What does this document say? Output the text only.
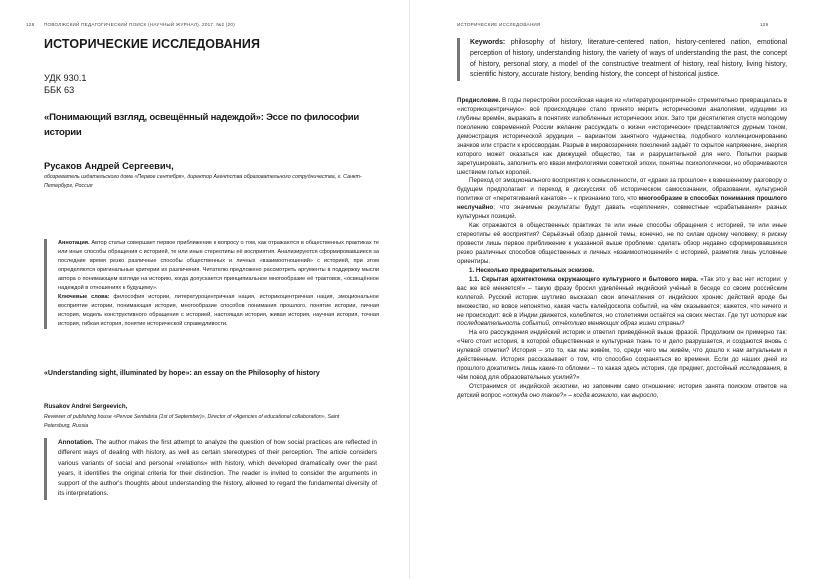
128 ПОВОЛЖСКИЙ ПЕДАГОГИЧЕСКИЙ ПОИСК (НАУЧНЫЙ ЖУРНАЛ). 2017. №2 (20)
ИСТОРИЧЕСКИЕ ИССЛЕДОВАНИЯ
УДК 930.1
ББК 63
«Понимающий взгляд, освещённый надеждой»: Эссе по философии истории
Русаков Андрей Сергеевич,
обозреватель издательского дома «Первое сентября», директор Агентства образовательного сотрудничества, г. Санкт-Петербург, Россия
Аннотация. Автор статьи совершает первое приближение к вопросу о том, как отражаются в общественных практиках те или иные способы обращения с историей, те или иные стереотипы её восприятия. Анализируются сформировавшиеся за последние время резко различные способы общественных и личных «взаимоотношений» с историей, при этом определяются оригинальные критерии их различения. Читателю предложено рассмотреть аргументы в поддержку мысли автора о понимающем взгляде на историю, когда допускается принципиальное многообразие её трактовок, «освещённое надеждой в отношениях к будущему».
Ключевые слова: философия истории, литературоцентричная нация, историкоцентричная нация, эмоциональное восприятие истории, понимающая история, многообразие способов понимания прошлого, понятие истории, личная история, модель конструктивного обращения с историей, настоящая история, живая история, научная история, точная история, гибкая история, понятие исторической справедливости.
«Understanding sight, illuminated by hope»: an essay on the Philosophy of history
Rusakov Andrei Sergeevich,
Reviewer of publishing house «Pervoe Sentiabria (1st of September)», Director of «Agencies of educational collaboration», Saint Petersburg, Russia
Annotation. The author makes the first attempt to analyze the question of how social practices are reflected in different ways of dealing with history, as well as certain stereotypes of their perception. The article considers various variants of social and personal «relations» with history, which developed dramatically over the past years, it identifies the original criteria for their distinction. The reader is invited to consider the arguments in support of the author's thoughts about understanding the history, allowed to regard the fundamental diversity of its interpretations.
ИСТОРИЧЕСКИЕ ИССЛЕДОВАНИЯ	129
Keywords: philosophy of history, literature-centered nation, history-centered nation, emotional perception of history, understanding history, the variety of ways of understanding the past, the concept of history, personal story, a model of the constructive treatment of history, real history, living history, scientific history, accurate history, bending history, the concept of historical justice.

Предисловие. В годы перестройки российская нация из «литературоцентричной» стремительно превращалась в «историкоцентричную»: всё происходящее стало принято мерить историческими аналогиями, идущими из глубины времён, выражать в понятиях излюбленных исторических эпох. Зато три десятилетия спустя молодому поколению современной России желание рассуждать о жизни «исторически» представляется дурным тоном, демонстрация исторической эрудиции – вариантом занятного чудачества, подобного коллекционированию значков или страсти к кроссвордам. Разрыв в мировоззрениях поколений задаёт то скрытое напряжение, энергия которого может оказаться как движущей общество, так и разрушительной для него. Попытки разрыв заретушировать, заполнить его квази мифологиями советской эпохи, понятны психологически, но оборачиваются шествием голых королей.

Переход от эмоционального восприятия к осмысленности, от «драки за прошлое» к взвешенному разговору о будущем предполагает и переход в дискуссиях об историческом самосознании, образовании, культурной политике от «перетягиваний канатов» – к признанию того, что многообразие в способах понимания прошлого неслучайно; что значимые результаты будут давать «сцепления», совместные «срабатывания» разных культурных позиций.

Как отражаются в общественных практиках те или иные способы обращения с историей, те или иные стереотипы её восприятия? Серьёзный обзор данной темы, конечно, не по силам одному человеку; я рискну провести лишь первое приближение к указанной выше проблеме: сделать обзор недавно сформировавшихся резко различных способов общественных и личных «взаимоотношений» с историей, разметив лишь условные ориентиры.

1. Несколько предварительных эскизов.

1.1. Скрытая архитектоника окружающего культурного и бытового мира. «Так это у вас нет истории: у вас же всё меняется!» – такую фразу бросил удивлённый индийский учёный в беседе со своим российским коллегой. Русский историк шутливо высказал свои впечатления от индийских хроник: действий вроде бы множество, но вовсе непонятно, какая часть калейдоскопа событий, на чём сказывается; кажется, что ничего и не происходит: всё в Индии движется, колеблется, но столетиями остаётся на своих местах. Где тут история как последовательность событий, отчётливо меняющих образ жизни страны?

На его рассуждения индийский историк и ответил приведённой выше фразой. Продолжим он примерно так: «Чего стоит история, в которой общественная и культурная ткань то и дело разрушается, и создаются вновь с нулевой отметки? История – это то, как мы живём, то, среди чего мы живём, что дошло к нам актуальным и действенным. История рассказывает о том, что способно сохраняться во времени. Если до наших дней из прошлого докатились лишь какие-то обломки – то какая здесь история, где предмет, достойный исследования, в чём повод для образовательных усилий?»

Отстранимся от индийской экзотики, но запомним само отношение: история занята поиском ответов на детский вопрос «откуда оно такое?» – когда возникло, как выросло,
